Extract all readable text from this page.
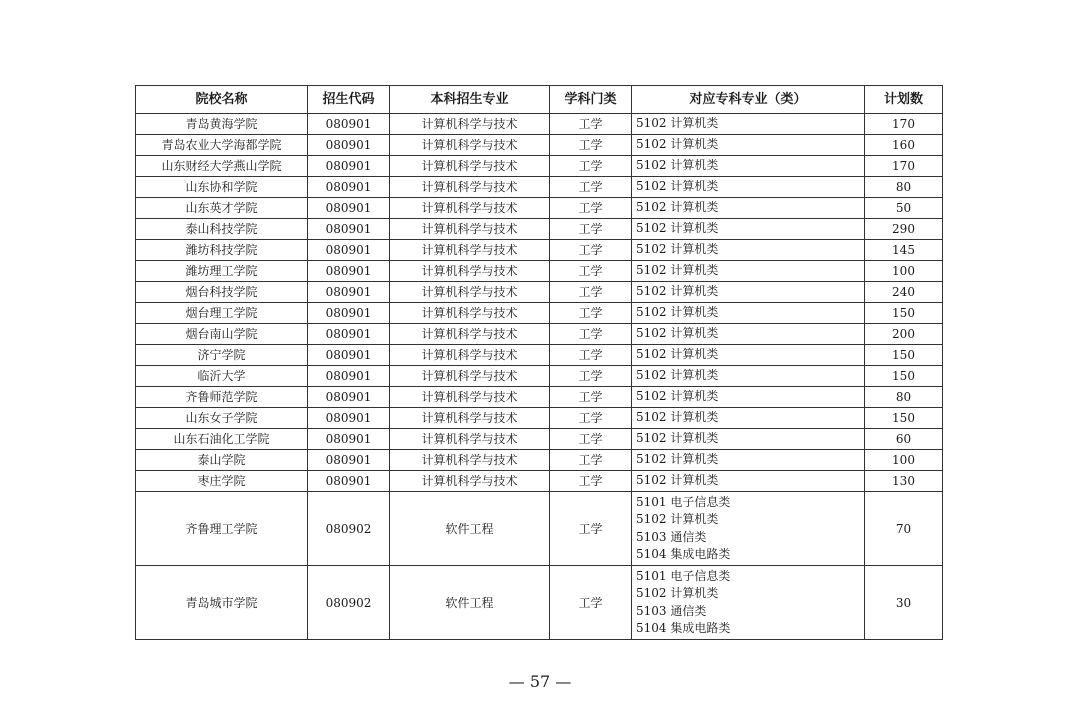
院校名称	招生代码	本科招生专业	学科门类	对应专科专业（类）	计划数
青岛黄海学院	080901	计算机科学与技术	工学	5102 计算机类	170
青岛农业大学海都学院	080901	计算机科学与技术	工学	5102 计算机类	160
山东财经大学燕山学院	080901	计算机科学与技术	工学	5102 计算机类	170
山东协和学院	080901	计算机科学与技术	工学	5102 计算机类	80
山东英才学院	080901	计算机科学与技术	工学	5102 计算机类	50
泰山科技学院	080901	计算机科学与技术	工学	5102 计算机类	290
潍坊科技学院	080901	计算机科学与技术	工学	5102 计算机类	145
潍坊理工学院	080901	计算机科学与技术	工学	5102 计算机类	100
烟台科技学院	080901	计算机科学与技术	工学	5102 计算机类	240
烟台理工学院	080901	计算机科学与技术	工学	5102 计算机类	150
烟台南山学院	080901	计算机科学与技术	工学	5102 计算机类	200
济宁学院	080901	计算机科学与技术	工学	5102 计算机类	150
临沂大学	080901	计算机科学与技术	工学	5102 计算机类	150
齐鲁师范学院	080901	计算机科学与技术	工学	5102 计算机类	80
山东女子学院	080901	计算机科学与技术	工学	5102 计算机类	150
山东石油化工学院	080901	计算机科学与技术	工学	5102 计算机类	60
泰山学院	080901	计算机科学与技术	工学	5102 计算机类	100
枣庄学院	080901	计算机科学与技术	工学	5102 计算机类	130
齐鲁理工学院	080902	软件工程	工学	5101 电子信息类
5102 计算机类
5103 通信类
5104 集成电路类	70
青岛城市学院	080902	软件工程	工学	5101 电子信息类
5102 计算机类
5103 通信类
5104 集成电路类	30
— 57 —
